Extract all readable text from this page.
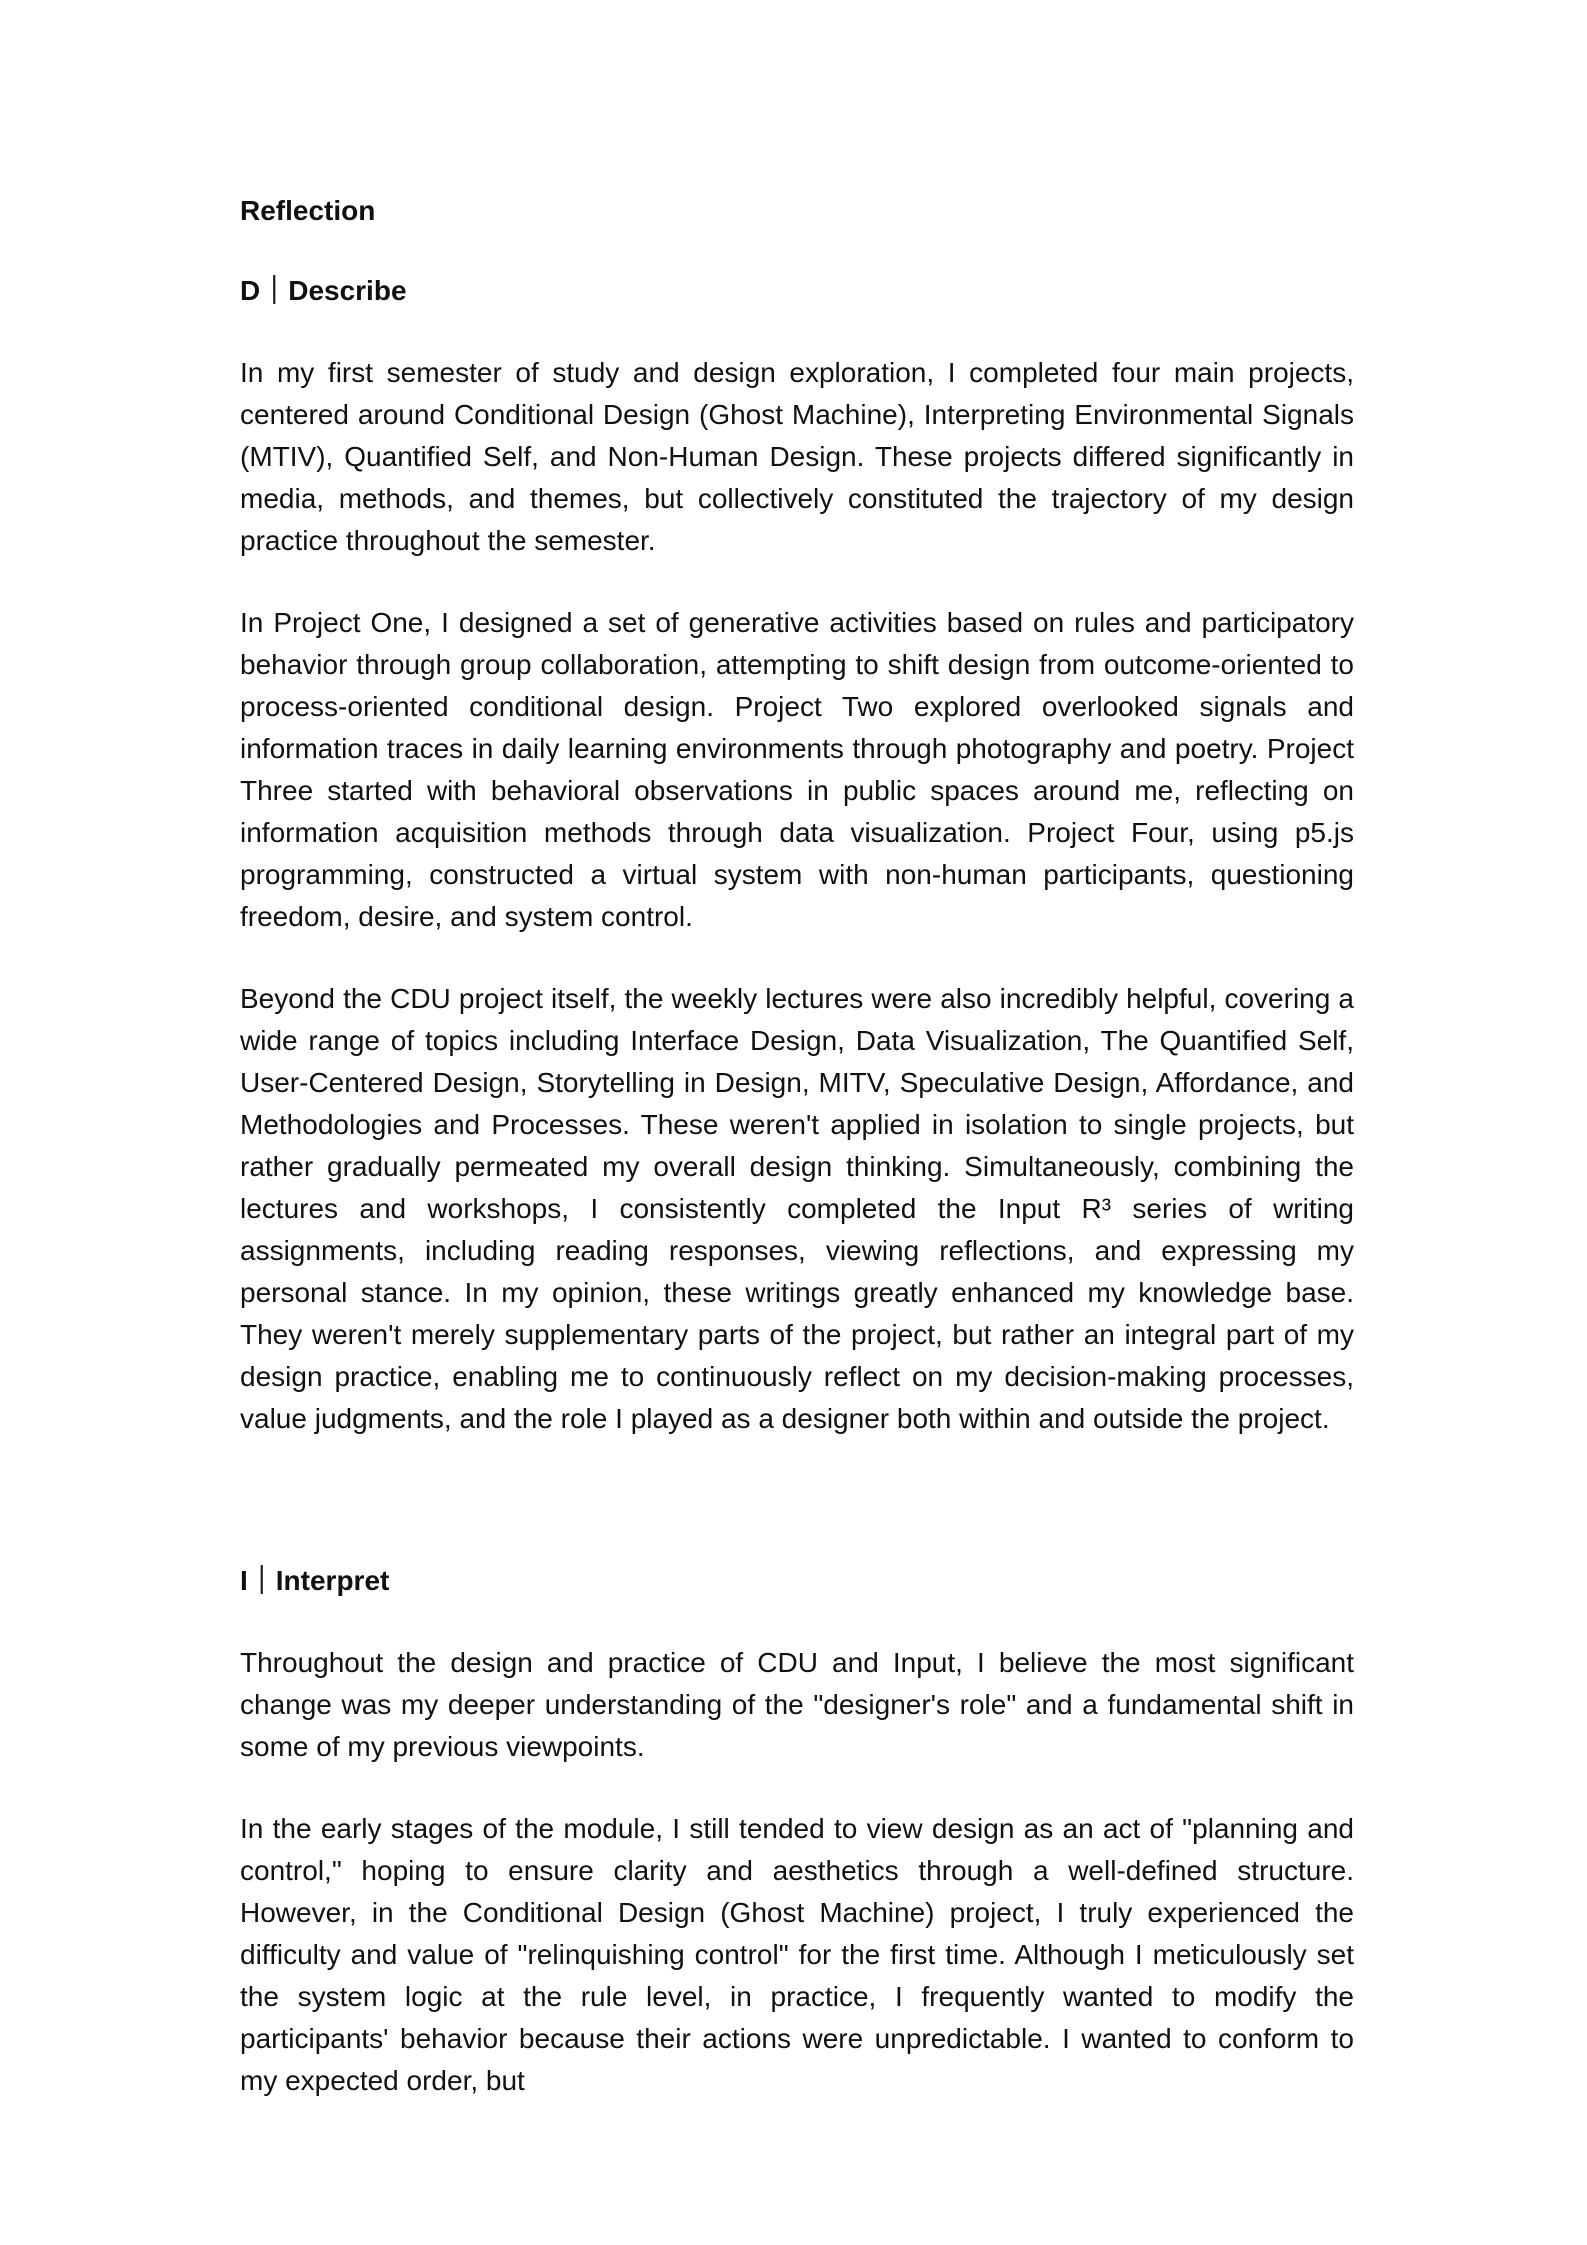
Reflection

D｜Describe

In my first semester of study and design exploration, I completed four main projects, centered around Conditional Design (Ghost Machine), Interpreting Environmental Signals (MTIV), Quantified Self, and Non-Human Design. These projects differed significantly in media, methods, and themes, but collectively constituted the trajectory of my design practice throughout the semester.

In Project One, I designed a set of generative activities based on rules and participatory behavior through group collaboration, attempting to shift design from outcome-oriented to process-oriented conditional design. Project Two explored overlooked signals and information traces in daily learning environments through photography and poetry. Project Three started with behavioral observations in public spaces around me, reflecting on information acquisition methods through data visualization. Project Four, using p5.js programming, constructed a virtual system with non-human participants, questioning freedom, desire, and system control.

Beyond the CDU project itself, the weekly lectures were also incredibly helpful, covering a wide range of topics including Interface Design, Data Visualization, The Quantified Self, User-Centered Design, Storytelling in Design, MITV, Speculative Design, Affordance, and Methodologies and Processes. These weren't applied in isolation to single projects, but rather gradually permeated my overall design thinking. Simultaneously, combining the lectures and workshops, I consistently completed the Input R³ series of writing assignments, including reading responses, viewing reflections, and expressing my personal stance. In my opinion, these writings greatly enhanced my knowledge base. They weren't merely supplementary parts of the project, but rather an integral part of my design practice, enabling me to continuously reflect on my decision-making processes, value judgments, and the role I played as a designer both within and outside the project.

I｜Interpret

Throughout the design and practice of CDU and Input, I believe the most significant change was my deeper understanding of the "designer's role" and a fundamental shift in some of my previous viewpoints.

In the early stages of the module, I still tended to view design as an act of "planning and control," hoping to ensure clarity and aesthetics through a well-defined structure. However, in the Conditional Design (Ghost Machine) project, I truly experienced the difficulty and value of "relinquishing control" for the first time. Although I meticulously set the system logic at the rule level, in practice, I frequently wanted to modify the participants' behavior because their actions were unpredictable. I wanted to conform to my expected order, but
